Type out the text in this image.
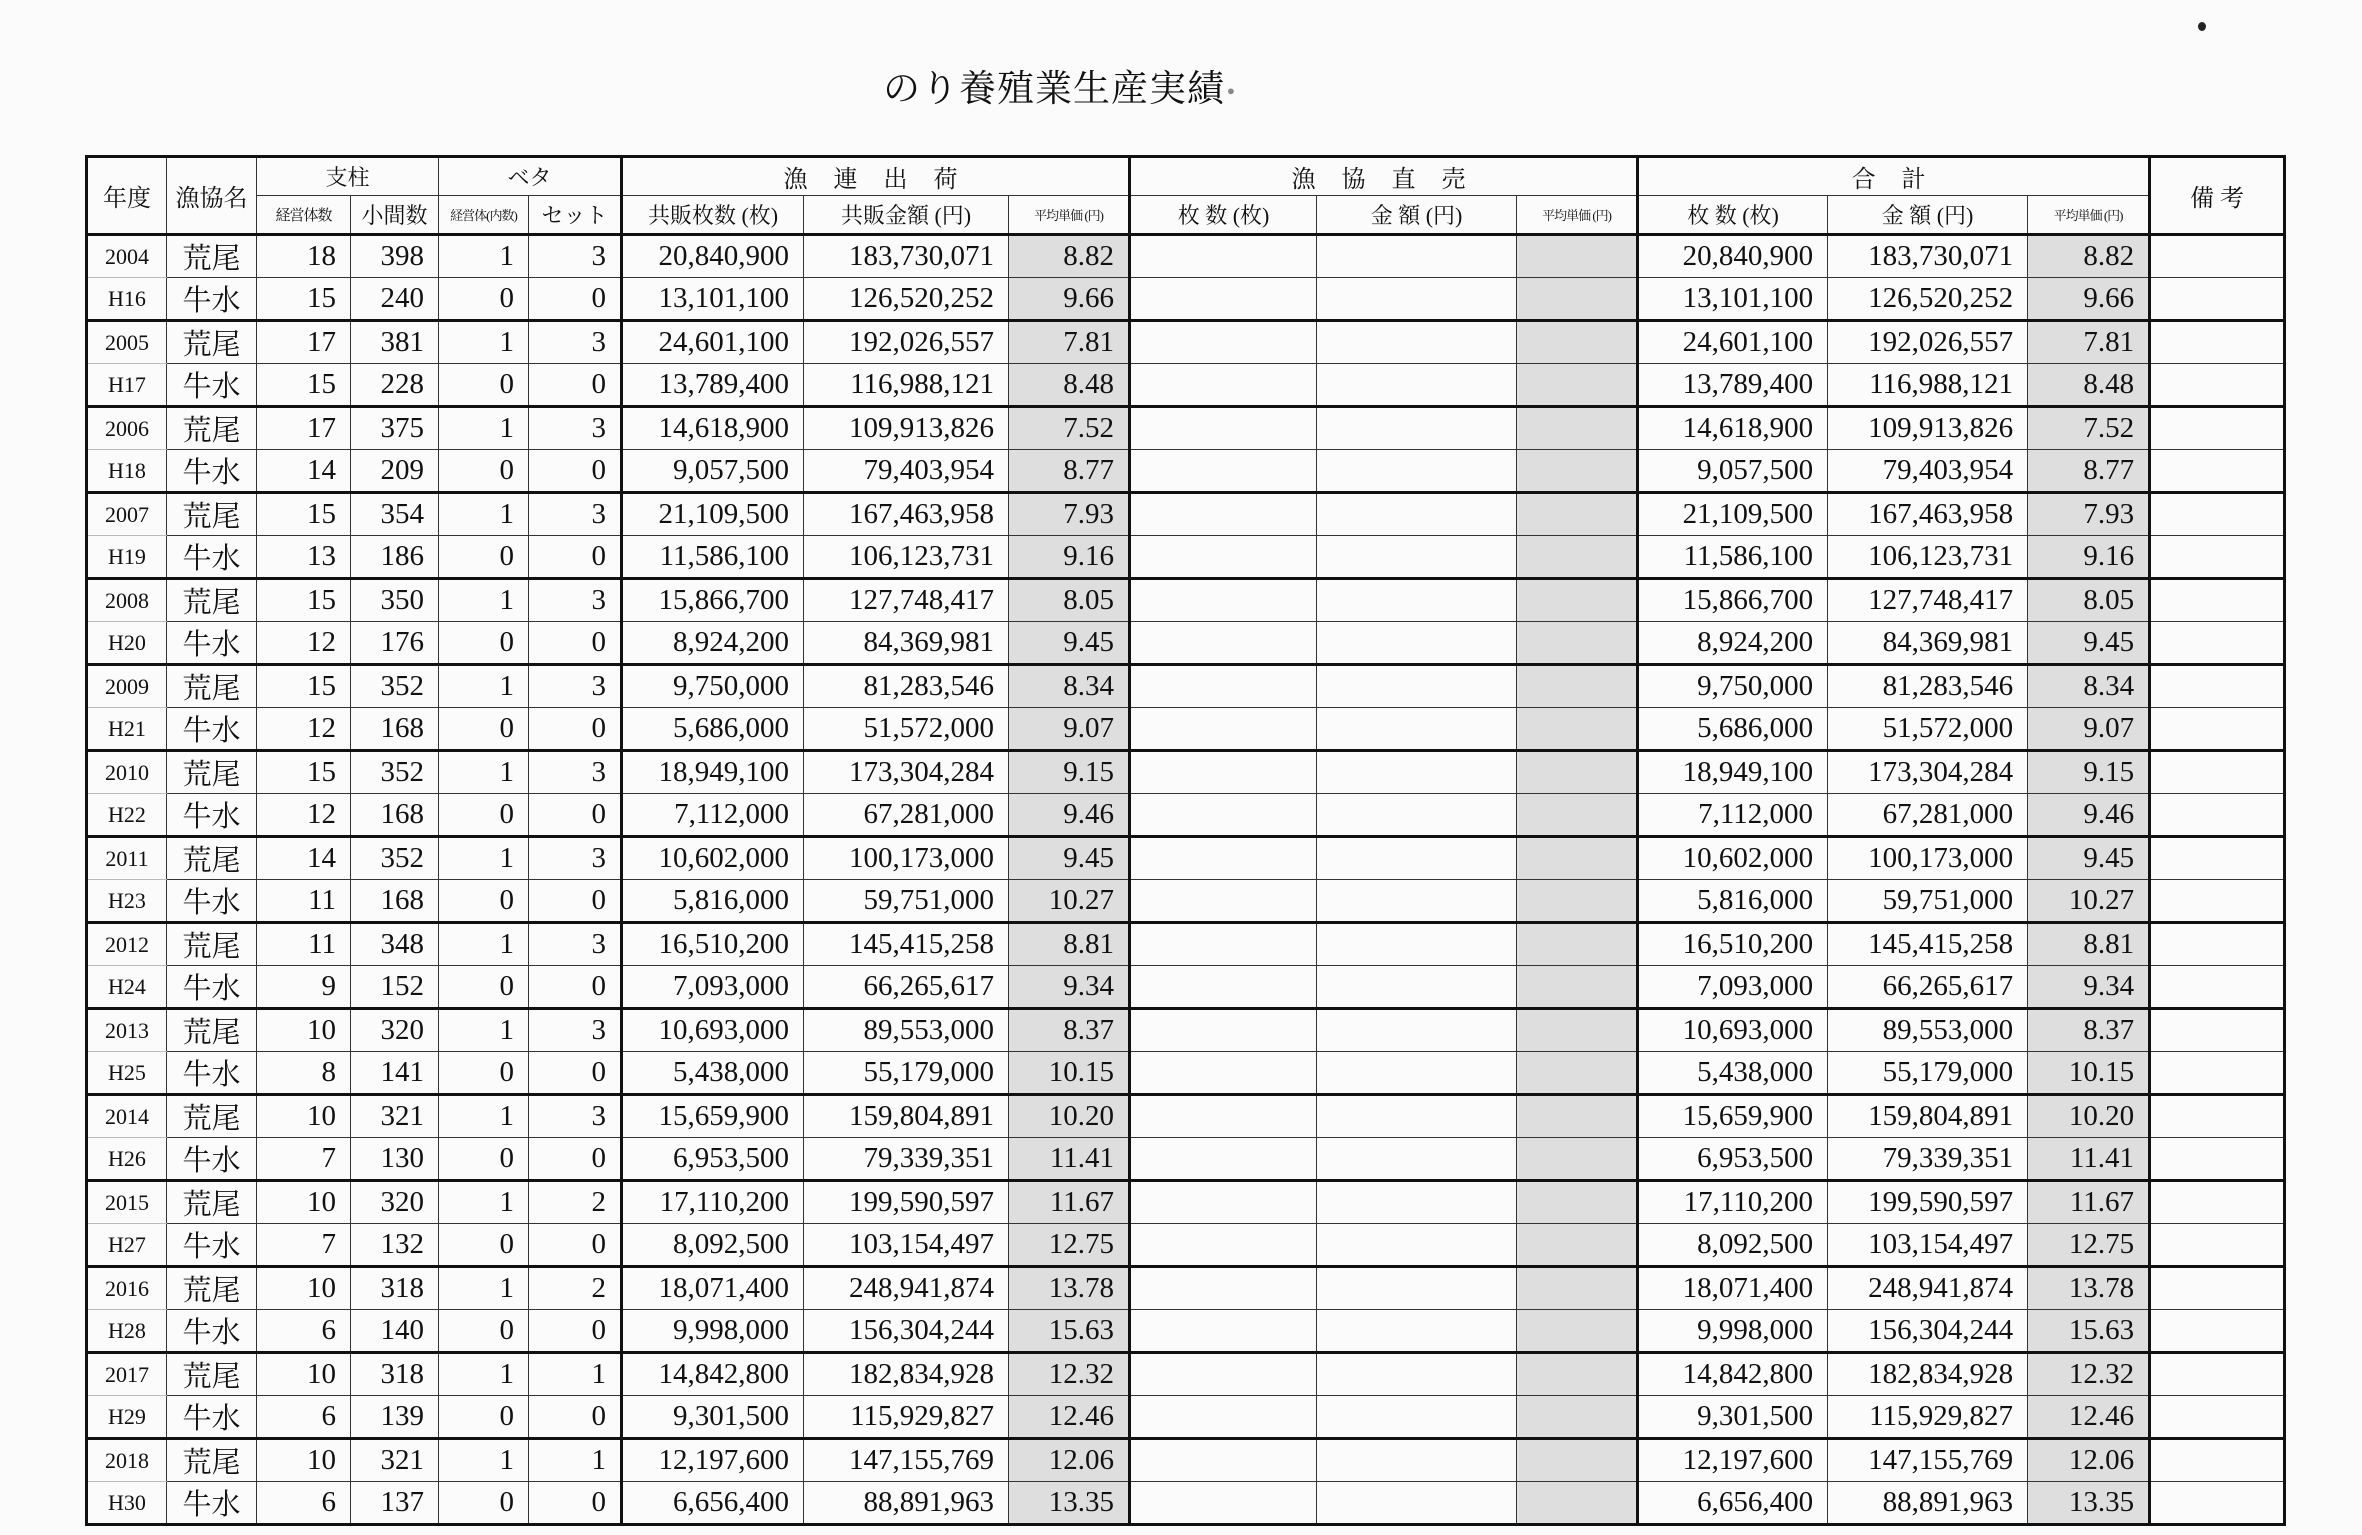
のり養殖業生産実績•
年度	漁協名	支柱		ベタ		漁 連 出 荷			漁 協 直 売			合 計			備 考
		経営体数	小間数	経営体(内数)	セット	共販枚数 (枚)	共販金額 (円)	平均単価 (円)	枚 数 (枚)	金 額 (円)	平均単価 (円)	枚 数 (枚)	金 額 (円)	平均単価 (円)	
2004	荒尾	18	398	1	3	20,840,900	183,730,071	8.82				20,840,900	183,730,071	8.82	
H16	牛水	15	240	0	0	13,101,100	126,520,252	9.66				13,101,100	126,520,252	9.66	
2005	荒尾	17	381	1	3	24,601,100	192,026,557	7.81				24,601,100	192,026,557	7.81	
H17	牛水	15	228	0	0	13,789,400	116,988,121	8.48				13,789,400	116,988,121	8.48	
2006	荒尾	17	375	1	3	14,618,900	109,913,826	7.52				14,618,900	109,913,826	7.52	
H18	牛水	14	209	0	0	9,057,500	79,403,954	8.77				9,057,500	79,403,954	8.77	
2007	荒尾	15	354	1	3	21,109,500	167,463,958	7.93				21,109,500	167,463,958	7.93	
H19	牛水	13	186	0	0	11,586,100	106,123,731	9.16				11,586,100	106,123,731	9.16	
2008	荒尾	15	350	1	3	15,866,700	127,748,417	8.05				15,866,700	127,748,417	8.05	
H20	牛水	12	176	0	0	8,924,200	84,369,981	9.45				8,924,200	84,369,981	9.45	
2009	荒尾	15	352	1	3	9,750,000	81,283,546	8.34				9,750,000	81,283,546	8.34	
H21	牛水	12	168	0	0	5,686,000	51,572,000	9.07				5,686,000	51,572,000	9.07	
2010	荒尾	15	352	1	3	18,949,100	173,304,284	9.15				18,949,100	173,304,284	9.15	
H22	牛水	12	168	0	0	7,112,000	67,281,000	9.46				7,112,000	67,281,000	9.46	
2011	荒尾	14	352	1	3	10,602,000	100,173,000	9.45				10,602,000	100,173,000	9.45	
H23	牛水	11	168	0	0	5,816,000	59,751,000	10.27				5,816,000	59,751,000	10.27	
2012	荒尾	11	348	1	3	16,510,200	145,415,258	8.81				16,510,200	145,415,258	8.81	
H24	牛水	9	152	0	0	7,093,000	66,265,617	9.34				7,093,000	66,265,617	9.34	
2013	荒尾	10	320	1	3	10,693,000	89,553,000	8.37				10,693,000	89,553,000	8.37	
H25	牛水	8	141	0	0	5,438,000	55,179,000	10.15				5,438,000	55,179,000	10.15	
2014	荒尾	10	321	1	3	15,659,900	159,804,891	10.20				15,659,900	159,804,891	10.20	
H26	牛水	7	130	0	0	6,953,500	79,339,351	11.41				6,953,500	79,339,351	11.41	
2015	荒尾	10	320	1	2	17,110,200	199,590,597	11.67				17,110,200	199,590,597	11.67	
H27	牛水	7	132	0	0	8,092,500	103,154,497	12.75				8,092,500	103,154,497	12.75	
2016	荒尾	10	318	1	2	18,071,400	248,941,874	13.78				18,071,400	248,941,874	13.78	
H28	牛水	6	140	0	0	9,998,000	156,304,244	15.63				9,998,000	156,304,244	15.63	
2017	荒尾	10	318	1	1	14,842,800	182,834,928	12.32				14,842,800	182,834,928	12.32	
H29	牛水	6	139	0	0	9,301,500	115,929,827	12.46				9,301,500	115,929,827	12.46	
2018	荒尾	10	321	1	1	12,197,600	147,155,769	12.06				12,197,600	147,155,769	12.06	
H30	牛水	6	137	0	0	6,656,400	88,891,963	13.35				6,656,400	88,891,963	13.35	
